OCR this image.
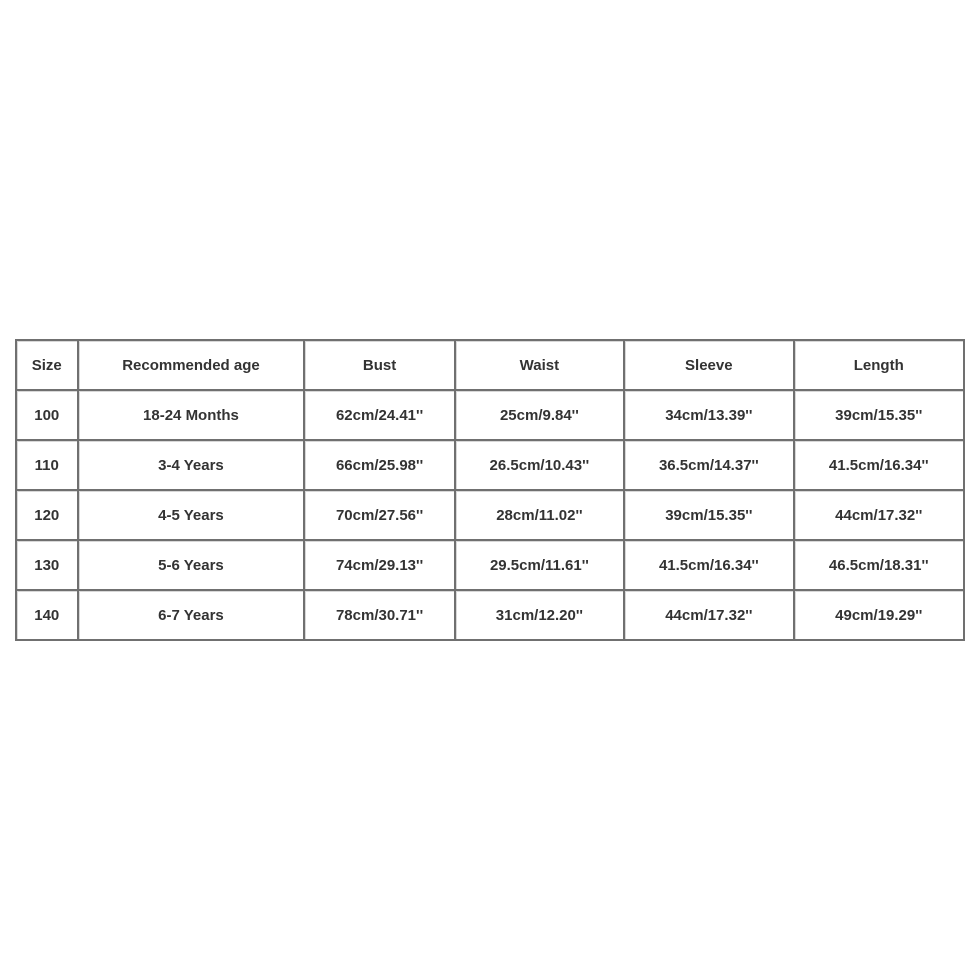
Size	Recommended age	Bust	Waist	Sleeve	Length
100	18-24 Months	62cm/24.41''	25cm/9.84''	34cm/13.39''	39cm/15.35''
110	3-4 Years	66cm/25.98''	26.5cm/10.43''	36.5cm/14.37''	41.5cm/16.34''
120	4-5 Years	70cm/27.56''	28cm/11.02''	39cm/15.35''	44cm/17.32''
130	5-6 Years	74cm/29.13''	29.5cm/11.61''	41.5cm/16.34''	46.5cm/18.31''
140	6-7 Years	78cm/30.71''	31cm/12.20''	44cm/17.32''	49cm/19.29''
